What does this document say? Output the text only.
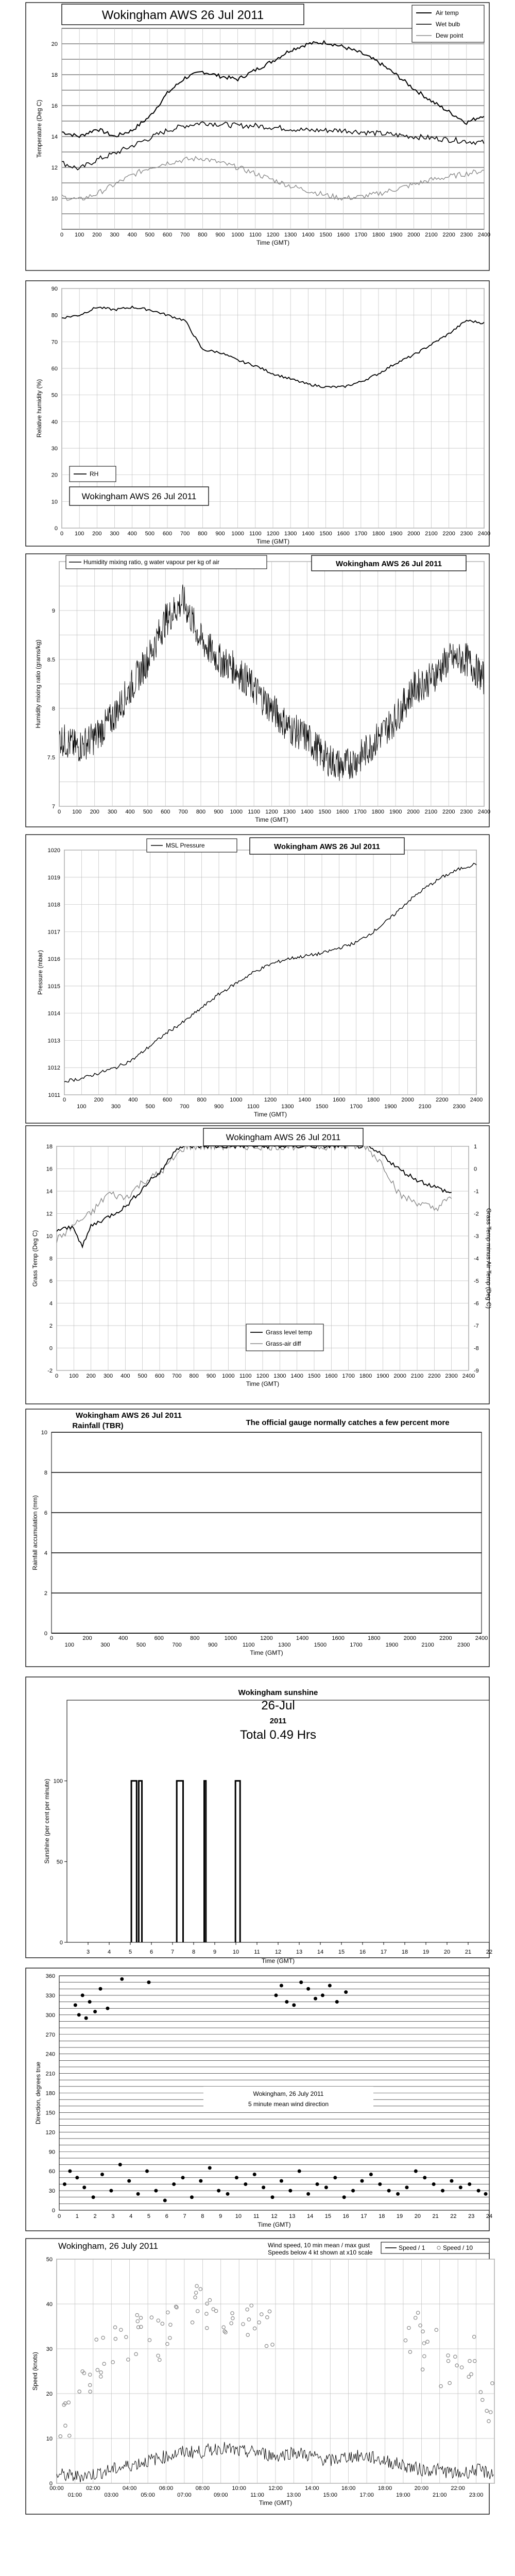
10
12
14
16
18
20
0 100 200 300 400 500 600 700 800 900 1000 1100 1200 1300 1400 1500 1600 1700 1800 1900 2000 2100 2200 2300 2400
Time (GMT)
Temperature (Deg C)
Wokingham AWS 26 Jul 2011	Air temp
Wet bulb
Dew point
0
10
20
30
40
50
60
70
80
90
0 100 200 300 400 500 600 700 800 900 1000 1100 1200 1300 1400 1500 1600 1700 1800 1900 2000 2100 2200 2300 2400
Time (GMT)
Relative humidity (%)
RH
Wokingham AWS 26 Jul 2011
7
7.5
8
8.5
9
0 100 200 300 400 500 600 700 800 900 1000 1100 1200 1300 1400 1500 1600 1700 1800 1900 2000 2100 2200 2300 2400
Time (GMT)
Humidity mixing ratio (grams/kg)
Humidity mixing ratio, g water vapour per kg of air	Wokingham AWS 26 Jul 2011
1011
1012
1013
1014
1015
1016
1017
1018
1019
1020
0
100
200
300
400
500
600
700
800
900
1000
1100
1200
1300
1400
1500
1600
1700
1800
1900
2000
2100
2200
2300
2400
Time (GMT)
Pressure (mbar)
MSL Pressure	Wokingham AWS 26 Jul 2011
-2
0
2
4
6
8
10
12
14
16
18
-9
-8
-7
-6
-5
-4
-3
-2
-1
0
1
0 100 200 300 400 500 600 700 800 900 1000 1100 1200 1300 1400 1500 1600 1700 1800 1900 2000 2100 2200 2300 2400
Time (GMT)
Grass Temp (Deg C)	Grass Temp minus Air Temp (Deg C)
Wokingham AWS 26 Jul 2011
Grass level temp
Grass-air diff
0
2
4
6
8
10
0
100
200
300
400
500
600
700
800
900
1000
1100
1200
1300
1400
1500
1600
1700
1800
1900
2000
2100
2200
2300
2400
Time (GMT)
Rainfall accumulation (mm)
Wokingham AWS 26 Jul 2011
Rainfall (TBR)	The official gauge normally catches a few percent more
0
50
100
3	4	5	6	7	8	9	10	11	12	13	14	15	16	17	18	19	20	21	22
Time (GMT)
Sunshine (per cent per minute)
Wokingham sunshine
26-Jul
2011
Total 0.49 Hrs
0
30
60
90
120
150
180
210
240
270
300
330
360
0	1	2	3	4	5	6	7	8	9 10 11 12 13 14 15 16 17 18 19 20 21 22 23 24
Time (GMT)
Direction, degrees true	Wokingham, 26 July 2011
5 minute mean wind direction
0
10
20
30
40
50
00:00
01:00
02:00
03:00
04:00
05:00
06:00
07:00
08:00
09:00
10:00
11:00
12:00
13:00
14:00
15:00
16:00
17:00
18:00
19:00
20:00
21:00
22:00
23:00
Time (GMT)
Speed (knots)
Wokingham, 26 July 2011	Wind speed, 10 min mean / max gust
Speeds below 4 kt shown at x10 scale
Speed / 1	Speed / 10
